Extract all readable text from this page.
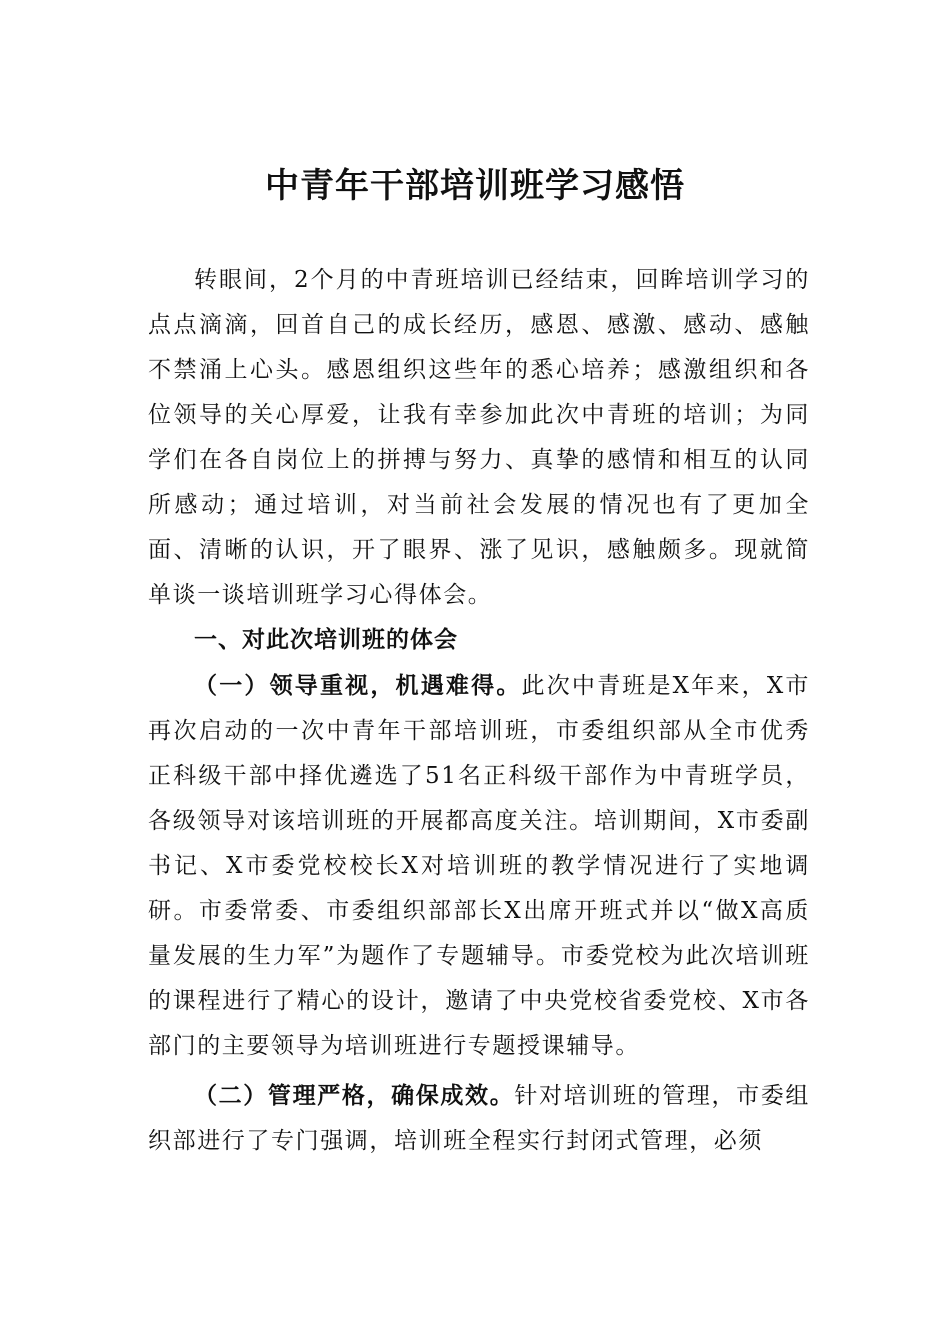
中青年干部培训班学习感悟

转眼间，2个月的中青班培训已经结束，回眸培训学习的点点滴滴，回首自己的成长经历，感恩、感激、感动、感触不禁涌上心头。感恩组织这些年的悉心培养；感激组织和各位领导的关心厚爱，让我有幸参加此次中青班的培训；为同学们在各自岗位上的拼搏与努力、真挚的感情和相互的认同所感动；通过培训，对当前社会发展的情况也有了更加全面、清晰的认识，开了眼界、涨了见识，感触颇多。现就简单谈一谈培训班学习心得体会。

一、对此次培训班的体会

（一）领导重视，机遇难得。此次中青班是X年来，X市再次启动的一次中青年干部培训班，市委组织部从全市优秀正科级干部中择优遴选了51名正科级干部作为中青班学员，各级领导对该培训班的开展都高度关注。培训期间，X市委副书记、X市委党校校长X对培训班的教学情况进行了实地调研。市委常委、市委组织部部长X出席开班式并以“做X高质量发展的生力军”为题作了专题辅导。市委党校为此次培训班的课程进行了精心的设计，邀请了中央党校省委党校、X市各部门的主要领导为培训班进行专题授课辅导。

（二）管理严格，确保成效。针对培训班的管理，市委组织部进行了专门强调，培训班全程实行封闭式管理，必须
